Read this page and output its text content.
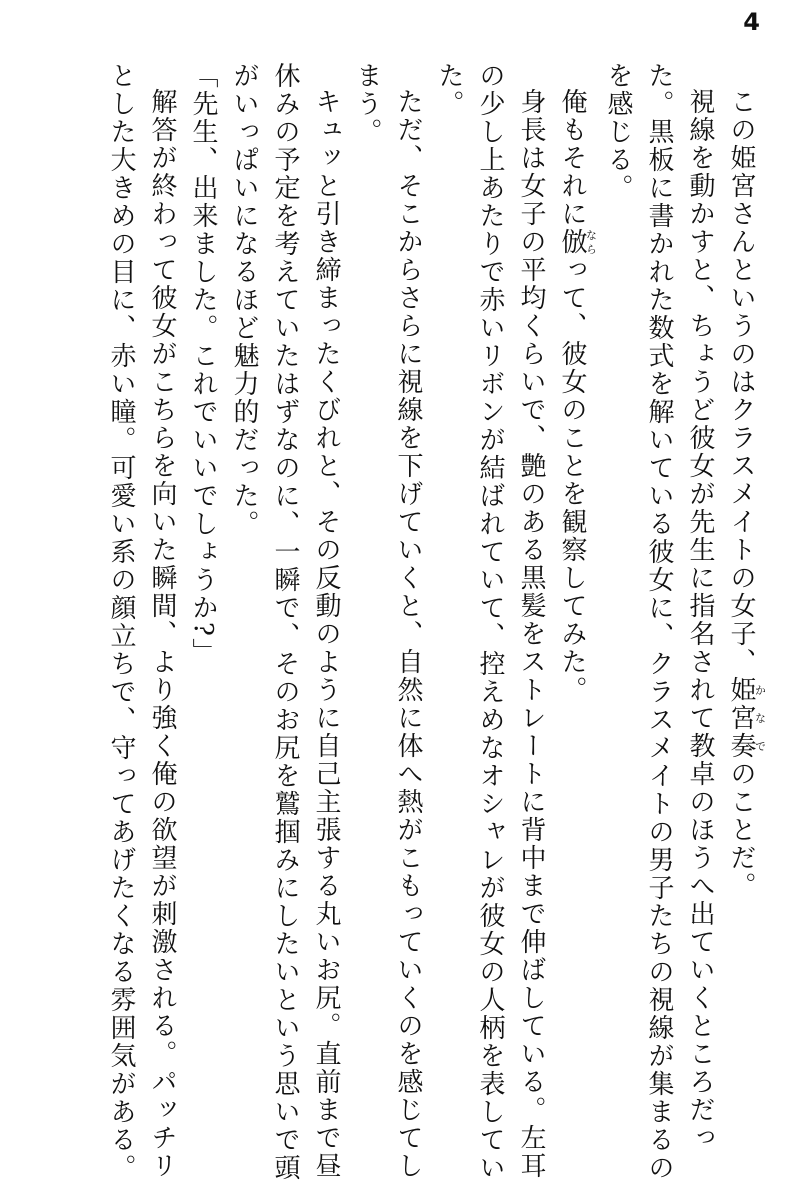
4

この姫宮さんというのはクラスメイトの女子、姫宮奏かなでのことだ。

視線を動かすと、ちょうど彼女が先生に指名されて教卓のほうへ出ていくところだった。黒板に書かれた数式を解いている彼女に、クラスメイトの男子たちの視線が集まるのを感じる。

俺もそれに倣ならって、彼女のことを観察してみた。

身長は女子の平均くらいで、艶のある黒髪をストレートに背中まで伸ばしている。左耳の少し上あたりで赤いリボンが結ばれていて、控えめなオシャレが彼女の人柄を表していた。

ただ、そこからさらに視線を下げていくと、自然に体へ熱がこもっていくのを感じてしまう。

キュッと引き締まったくびれと、その反動のように自己主張する丸いお尻。直前まで昼休みの予定を考えていたはずなのに、一瞬で、そのお尻を鷲掴みにしたいという思いで頭がいっぱいになるほど魅力的だった。

「先生、出来ました。これでいいでしょうか?」

解答が終わって彼女がこちらを向いた瞬間、より強く俺の欲望が刺激される。パッチリとした大きめの目に、赤い瞳。可愛い系の顔立ちで、守ってあげたくなる雰囲気がある。
